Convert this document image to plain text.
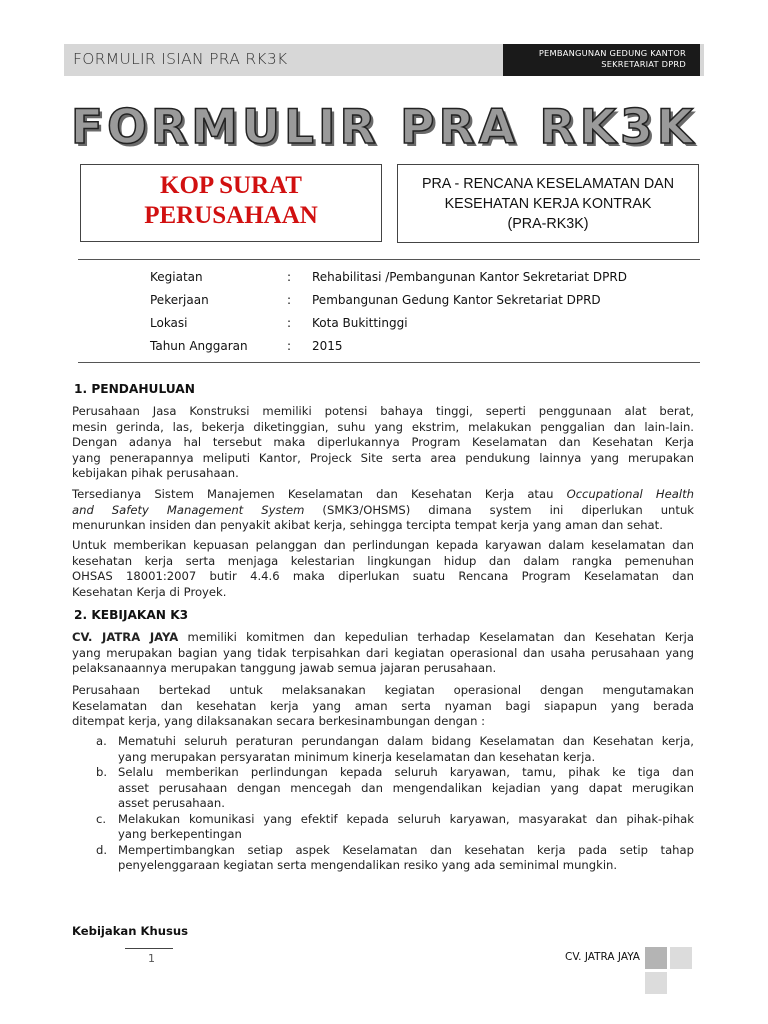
FORMULIR ISIAN PRA RK3K	PEMBANGUNAN GEDUNG KANTOR
SEKRETARIAT DPRD
FORMULIR PRA RK3K
KOP SURAT
PERUSAHAAN
PRA - RENCANA KESELAMATAN DAN
KESEHATAN KERJA KONTRAK
(PRA-RK3K)
Kegiatan	: Rehabilitasi /Pembangunan Kantor Sekretariat DPRD
Pekerjaan	: Pembangunan Gedung Kantor Sekretariat DPRD
Lokasi	: Kota Bukittinggi
Tahun Anggaran	: 2015
1. PENDAHULUAN
Perusahaan Jasa Konstruksi memiliki potensi bahaya tinggi, seperti penggunaan alat berat,
mesin gerinda, las, bekerja diketinggian, suhu yang ekstrim, melakukan penggalian dan lain-lain.
Dengan adanya hal tersebut maka diperlukannya Program Keselamatan dan Kesehatan Kerja
yang penerapannya meliputi Kantor, Projeck Site serta area pendukung lainnya yang merupakan
kebijakan pihak perusahaan.
Tersedianya Sistem Manajemen Keselamatan dan Kesehatan Kerja atau Occupational Health
and Safety Management System (SMK3/OHSMS) dimana system ini diperlukan untuk
menurunkan insiden dan penyakit akibat kerja, sehingga tercipta tempat kerja yang aman dan sehat.
Untuk memberikan kepuasan pelanggan dan perlindungan kepada karyawan dalam keselamatan dan
kesehatan kerja serta menjaga kelestarian lingkungan hidup dan dalam rangka pemenuhan
OHSAS 18001:2007 butir 4.4.6 maka diperlukan suatu Rencana Program Keselamatan dan
Kesehatan Kerja di Proyek.
2. KEBIJAKAN K3
CV. JATRA JAYA memiliki komitmen dan kepedulian terhadap Keselamatan dan Kesehatan Kerja
yang merupakan bagian yang tidak terpisahkan dari kegiatan operasional dan usaha perusahaan yang
pelaksanaannya merupakan tanggung jawab semua jajaran perusahaan.
Perusahaan bertekad untuk melaksanakan kegiatan operasional dengan mengutamakan
Keselamatan dan kesehatan kerja yang aman serta nyaman bagi siapapun yang berada
ditempat kerja, yang dilaksanakan secara berkesinambungan dengan :
a. Mematuhi seluruh peraturan perundangan dalam bidang Keselamatan dan Kesehatan kerja,
yang merupakan persyaratan minimum kinerja keselamatan dan kesehatan kerja.
b. Selalu memberikan perlindungan kepada seluruh karyawan, tamu, pihak ke tiga dan
asset perusahaan dengan mencegah dan mengendalikan kejadian yang dapat merugikan
asset perusahaan.
c. Melakukan komunikasi yang efektif kepada seluruh karyawan, masyarakat dan pihak-pihak
yang berkepentingan
d. Mempertimbangkan setiap aspek Keselamatan dan kesehatan kerja pada setip tahap
penyelenggaraan kegiatan serta mengendalikan resiko yang ada seminimal mungkin.
Kebijakan Khusus
1	CV. JATRA JAYA
